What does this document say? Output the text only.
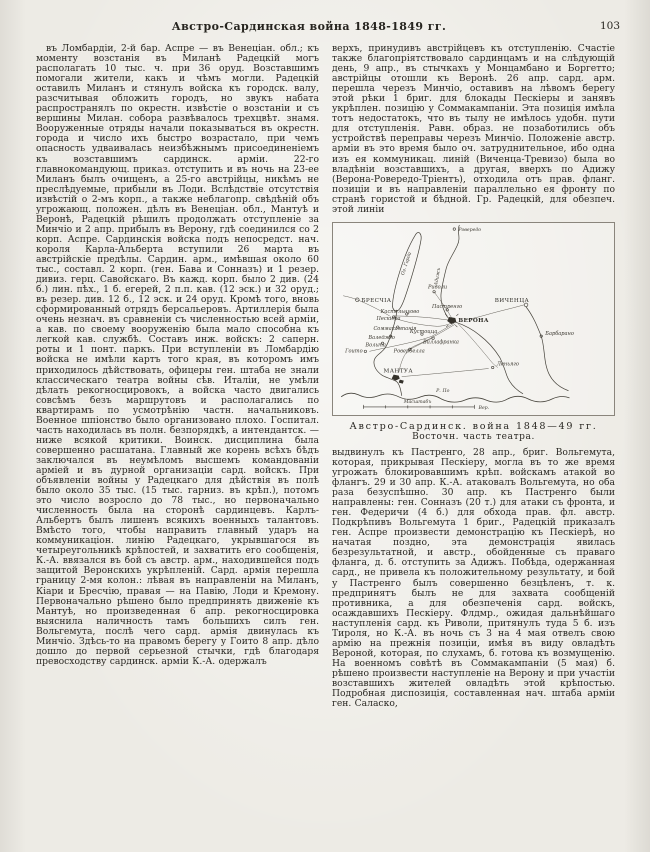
Австро-Сардинская война 1848-1849 гг.	103

въ Ломбардіи, 2-й бар. Аспре — въ Венеціан. обл.; къ моменту возстанія въ Миланѣ Радецкій могъ располагать 10 тыс. ч. при 36 оруд. Возставшимъ помогали жители, какъ и чѣмъ могли. Радецкій оставилъ Миланъ и стянулъ войска къ городск. валу, разсчитывая обложить городъ, но звукъ набата распространялъ по окрестн. извѣстіе о возстаніи и съ вершины Милан. собора развѣвалось трехцвѣт. знамя. Вооруженные отряды начали показываться въ окрестн. города и число ихъ быстро возрастало, при чемъ опасность удваивалась неизбѣжнымъ присоединеніемъ къ возставшимъ сардинск. арміи. 22-го главнокомандующ. приказ. отступить и въ ночь на 23-ее Миланъ былъ очищенъ, а 25-го австрійцы, никѣмъ не преслѣдуемые, прибыли въ Лоди. Вслѣдствіе отсутствія извѣстій о 2-мъ корп., а также неблагопр. свѣдѣній объ угрожающ. положен. дѣлъ въ Венеціан. обл., Мантуѣ и Веронѣ, Радецкій рѣшилъ продолжать отступленіе за Минчіо и 2 апр. прибылъ въ Верону, гдѣ соединился со 2 корп. Аспре. Сардинскія войска подъ непосредст. нач. короля Карла-Альберта вступили 26 марта въ австрійскіе предѣлы. Сардин. арм., имѣвшая около 60 тыс., составл. 2 корп. (ген. Бава и Сонназъ) и 1 резер. дивиз. герц. Савойскаго. Въ кажд. корп. было 2 див. (24 б.) лин. пѣх., 1 б. егерей, 2 п.п. кав. (12 эск.) и 32 оруд.; въ резер. див. 12 б., 12 эск. и 24 оруд. Кромѣ того, вновь сформированный отрядъ берсальеровъ. Артиллерія была очень незнач. въ сравненіи съ численностью всей арміи, а кав. по своему вооруженію была мало способна къ легкой кав. службѣ. Составъ инж. войскъ: 2 саперн. роты и 1 понт. паркъ. При вступленіи въ Ломбардію войска не имѣли картъ того края, въ которомъ имъ приходилось дѣйствовать, офицеры ген. штаба не знали классическаго театра войны сѣв. Италіи, не умѣли дѣлать рекогносцировокъ, а войска часто двигались совсѣмъ безъ маршрутовъ и располагались по квартирамъ по усмотрѣнію частн. начальниковъ. Военное шпіонство было организовано плохо. Госпитал. часть находилась въ полн. безпорядкѣ, а интендантск. — ниже всякой критики. Воинск. дисциплина была совершенно расшатана. Главный же корень всѣхъ бѣдъ заключался въ неумѣломъ высшемъ командованіи арміей и въ дурной организаціи сард. войскъ. При объявленіи войны у Радецкаго для дѣйствія въ полѣ было около 35 тыс. (15 тыс. гарниз. въ крѣп.), потомъ это число возросло до 78 тыс., но первоначально численность была на сторонѣ сардинцевъ. Карлъ-Альбертъ былъ лишенъ всякихъ военныхъ талантовъ. Вмѣсто того, чтобы направить главный ударъ на коммуникаціон. линію Радецкаго, укрывшагося въ четыреугольникѣ крѣпостей, и захватить его сообщенія, К.-А. ввязался въ бой съ австр. арм., находившейся подъ защитой Веронскихъ укрѣпленій. Сард. армія перешла границу 2-мя колон.: лѣвая въ направленіи на Миланъ, Кіари и Бресчію, правая — на Павію, Лоди и Кремону. Первоначально рѣшено было предпринять движеніе къ Мантуѣ, но произведенная 6 апр. рекогносцировка выяснила наличность тамъ большихъ силъ ген. Вольгемута, послѣ чего сард. армія двинулась къ Минчіо. Здѣсь-то на правомъ берегу у Гоито 8 апр. дѣло дошло до первой серьезной стычки, гдѣ благодаря превосходству сардинск. арміи К.-А. одержалъ

верхъ, принудивъ австрійцевъ къ отступленію. Счастіе также благопріятствовало сардинцамъ и на слѣдующій день, 9 апр., въ стычкахъ у Монцамбано и Боргетто; австрійцы отошли къ Веронѣ. 26 апр. сард. арм. перешла черезъ Минчіо, оставивъ на лѣвомъ берегу этой рѣки 1 бриг. для блокады Пескіеры и занявъ укрѣплен. позицію у Соммакампаніи. Эта позиція имѣла тотъ недостатокъ, что въ тылу не имѣлось удобн. пути для отступленія. Равн. образ. не позаботились объ устройствѣ переправы черезъ Минчіо. Положеніе австр. арміи въ это время было оч. затруднительное, ибо одна изъ ея коммуникац. линій (Виченца-Тревизо) была во владѣніи возставшихъ, а другая, вверхъ по Адижу (Верона-Ровередо-Тріентъ), отходила отъ прав. фланг. позиціи и въ направленіи параллельно ея фронту по странѣ гористой и бѣдной. Гр. Радецкій, для обезпеч. этой линіи

Ровередо
Оз. Гарда
Адижъ
БРЕСЧІА
Риволи
Пастренго
ВИЧЕНЦА
Кастельнуово
Пескіера	ВЕРОНА
Соммакампанія
Барбарано
Валеджіо
Вольта
Кустоцца
Виллафранка
Гоито	Ровербелла
МАНТУА
Леньяго
Р. По
Масштабъ
Вер.
Австро-Сардинск. война 1848—49 гг.
Восточн. часть театра.

выдвинулъ къ Пастренго, 28 апр., бриг. Вольгемута, которая, прикрывая Пескіеру, могла въ то же время угрожать блокировавшимъ крѣп. войскамъ атакой во флангъ. 29 и 30 апр. К.-А. атаковалъ Вольгемута, но оба раза безуспѣшно. 30 апр. къ Пастренго были направлены: ген. Сонназъ (20 т.) для атаки съ фронта, и ген. Федеричи (4 б.) для обхода прав. фл. австр. Подкрѣпивъ Вольгемута 1 бриг., Радецкій приказалъ ген. Аспре произвести демонстрацію къ Пескіерѣ, но начатая поздно, эта демонстрація явилась безрезультатной, и австр., обойденные съ праваго фланга, д. б. отступить за Адижъ. Побѣда, одержанная сард., не привела къ положительному результату, и бой у Пастренго былъ совершенно безцѣленъ, т. к. предпринятъ былъ не для захвата сообщеній противника, а для обезпеченія сард. войскъ, осаждавшихъ Пескіеру. Флдмр., ожидая дальнѣйшаго наступленія сард. къ Риволи, притянулъ туда 5 б. изъ Тироля, но К.-А. въ ночь съ 3 на 4 мая отвелъ свою армію на прежнія позиціи, имѣя въ виду овладѣть Вероной, которая, по слухамъ, б. готова къ возмущенію. На военномъ совѣтѣ въ Соммакампаніи (5 мая) б. рѣшено произвести наступленіе на Верону и при участіи возставшихъ жителей овладѣть этой крѣпостью. Подробная диспозиція, составленная нач. штаба арміи ген. Саласко,
